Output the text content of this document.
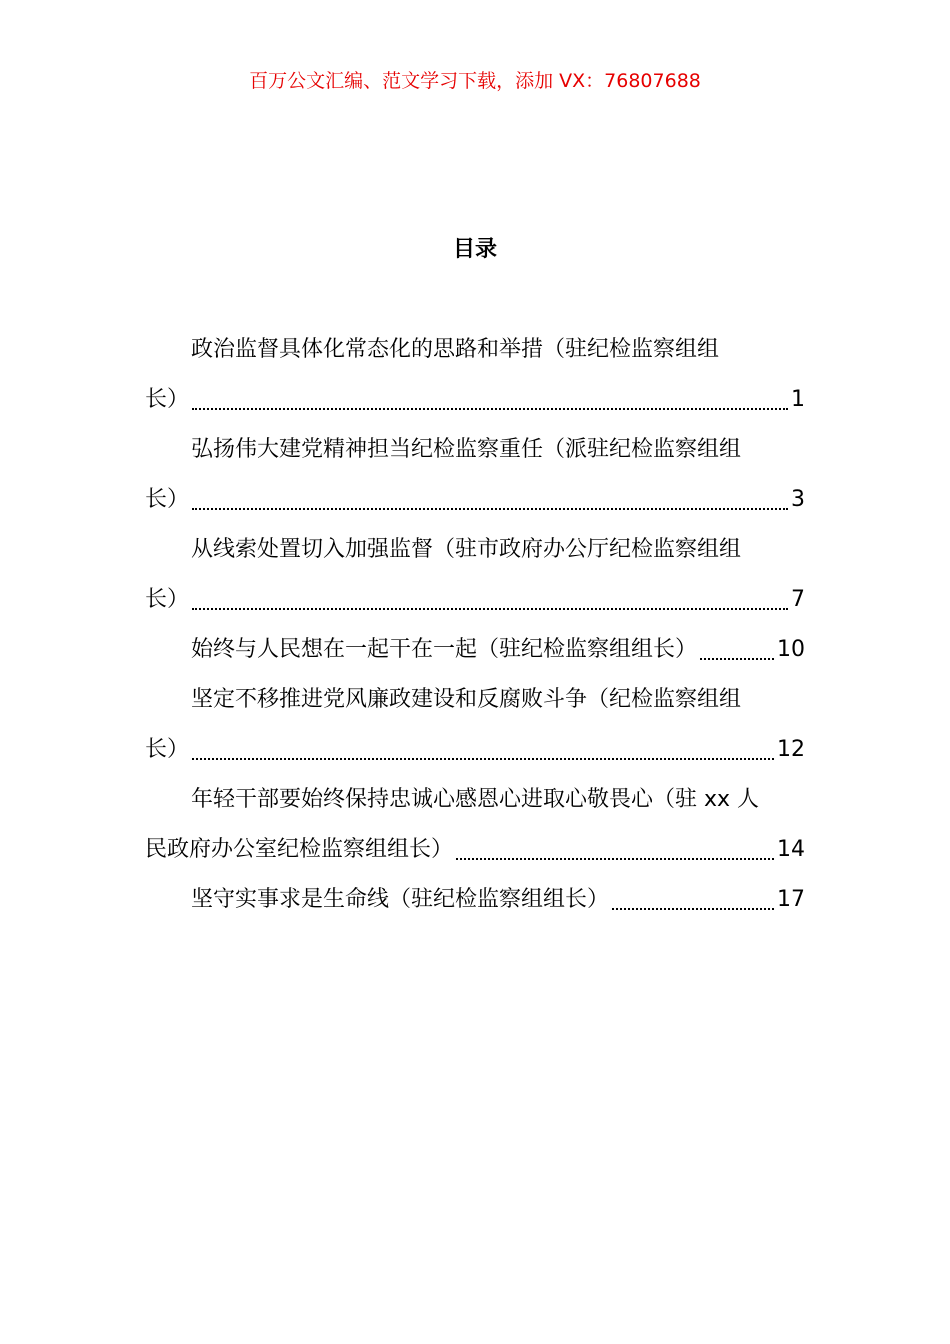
百万公文汇编、范文学习下载，添加 VX：76807688
目录
政治监督具体化常态化的思路和举措（驻纪检监察组组
长）	1
弘扬伟大建党精神担当纪检监察重任（派驻纪检监察组组
长）	3
从线索处置切入加强监督（驻市政府办公厅纪检监察组组
长）	7
始终与人民想在一起干在一起（驻纪检监察组组长）	10
坚定不移推进党风廉政建设和反腐败斗争（纪检监察组组
长）	12
年轻干部要始终保持忠诚心感恩心进取心敬畏心（驻 xx 人
民政府办公室纪检监察组组长）	14
坚守实事求是生命线（驻纪检监察组组长）	17
